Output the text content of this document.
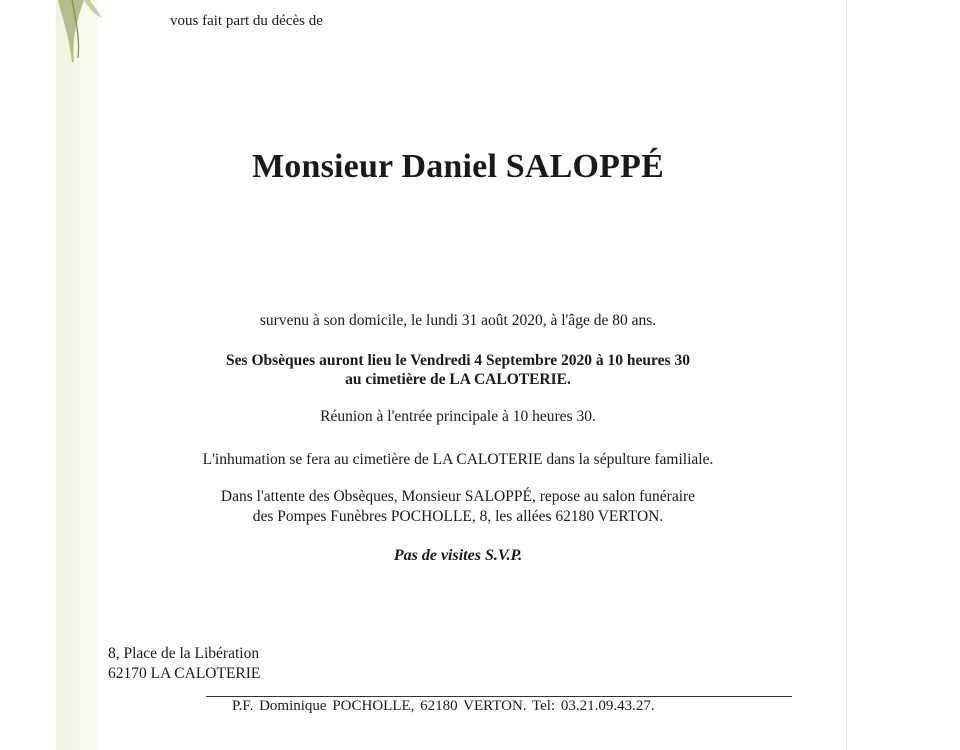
vous fait part du décès de
Monsieur Daniel SALOPPÉ
survenu à son domicile, le lundi 31 août 2020, à l'âge de 80 ans.
Ses Obsèques auront lieu le Vendredi 4 Septembre 2020 à 10 heures 30
au cimetière de LA CALOTERIE.
Réunion à l'entrée principale à 10 heures 30.
L'inhumation se fera au cimetière de LA CALOTERIE dans la sépulture familiale.
Dans l'attente des Obsèques, Monsieur SALOPPÉ, repose au salon funéraire
des Pompes Funèbres POCHOLLE, 8, les allées 62180 VERTON.
Pas de visites S.V.P.
8, Place de la Libération
62170 LA CALOTERIE
P.F. Dominique POCHOLLE, 62180 VERTON. Tel: 03.21.09.43.27.
